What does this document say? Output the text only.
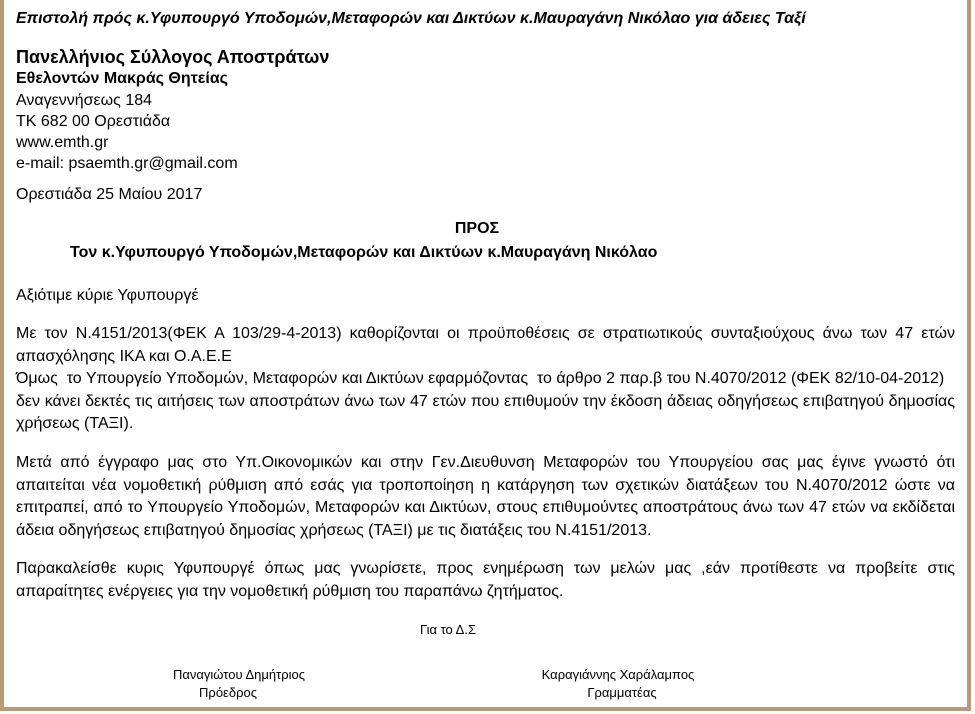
Επιστολή πρός κ.Υφυπουργό Υποδομών,Μεταφορών και Δικτύων κ.Μαυραγάνη Νικόλαο για άδειες Ταξί
Πανελλήνιος Σύλλογος Αποστράτων
Εθελοντών Μακράς Θητείας
Αναγεννήσεως 184
ΤΚ 682 00 Ορεστιάδα
www.emth.gr
e-mail: psaemth.gr@gmail.com
Ορεστιάδα 25 Μαίου 2017
ΠΡΟΣ
Τον κ.Υφυπουργό Υποδομών,Μεταφορών και Δικτύων κ.Μαυραγάνη Νικόλαο
Αξιότιμε κύριε Υφυπουργέ
Με τον Ν.4151/2013(ΦΕΚ Α 103/29-4-2013) καθορίζονται οι προϋποθέσεις σε στρατιωτικούς συνταξιούχους άνω των 47 ετών
απασχόλησης ΙΚΑ και Ο.Α.Ε.Ε
Όμως  το Υπουργείο Υποδομών, Μεταφορών και Δικτύων εφαρμόζοντας  το άρθρο 2 παρ.β του Ν.4070/2012 (ΦΕΚ 82/10-04-2012)
δεν κάνει δεκτές τις αιτήσεις των αποστράτων άνω των 47 ετών που επιθυμούν την έκδοση άδειας οδηγήσεως επιβατηγού δημοσίας
χρήσεως (ΤΑΞΙ).
Μετά από έγγραφο μας στο Υπ.Οικονομικών και στην Γεν.Διευθυνση Μεταφορών του Υπουργείου σας μας έγινε γνωστό ότι
απαιτείται νέα νομοθετική ρύθμιση από εσάς για τροποποίηση η κατάργηση των σχετικών διατάξεων του Ν.4070/2012 ώστε να
επιτραπεί, από το Υπουργείο Υποδομών, Μεταφορών και Δικτύων, στους επιθυμούντες αποστράτους άνω των 47 ετών να εκδίδεται
άδεια οδηγήσεως επιβατηγού δημοσίας χρήσεως (ΤΑΞΙ) με τις διατάξεις του Ν.4151/2013.
Παρακαλείσθε κυρις Υφυπουργέ όπως μας γνωρίσετε, προς ενημέρωση των μελών μας ,εάν προτίθεστε να προβείτε στις
απαραίτητες ενέργειες για την νομοθετική ρύθμιση του παραπάνω ζητήματος.
Για το Δ.Σ
Παναγιώτου Δημήτριος
Πρόεδρος
Καραγιάννης Χαράλαμπος
Γραμματέας
